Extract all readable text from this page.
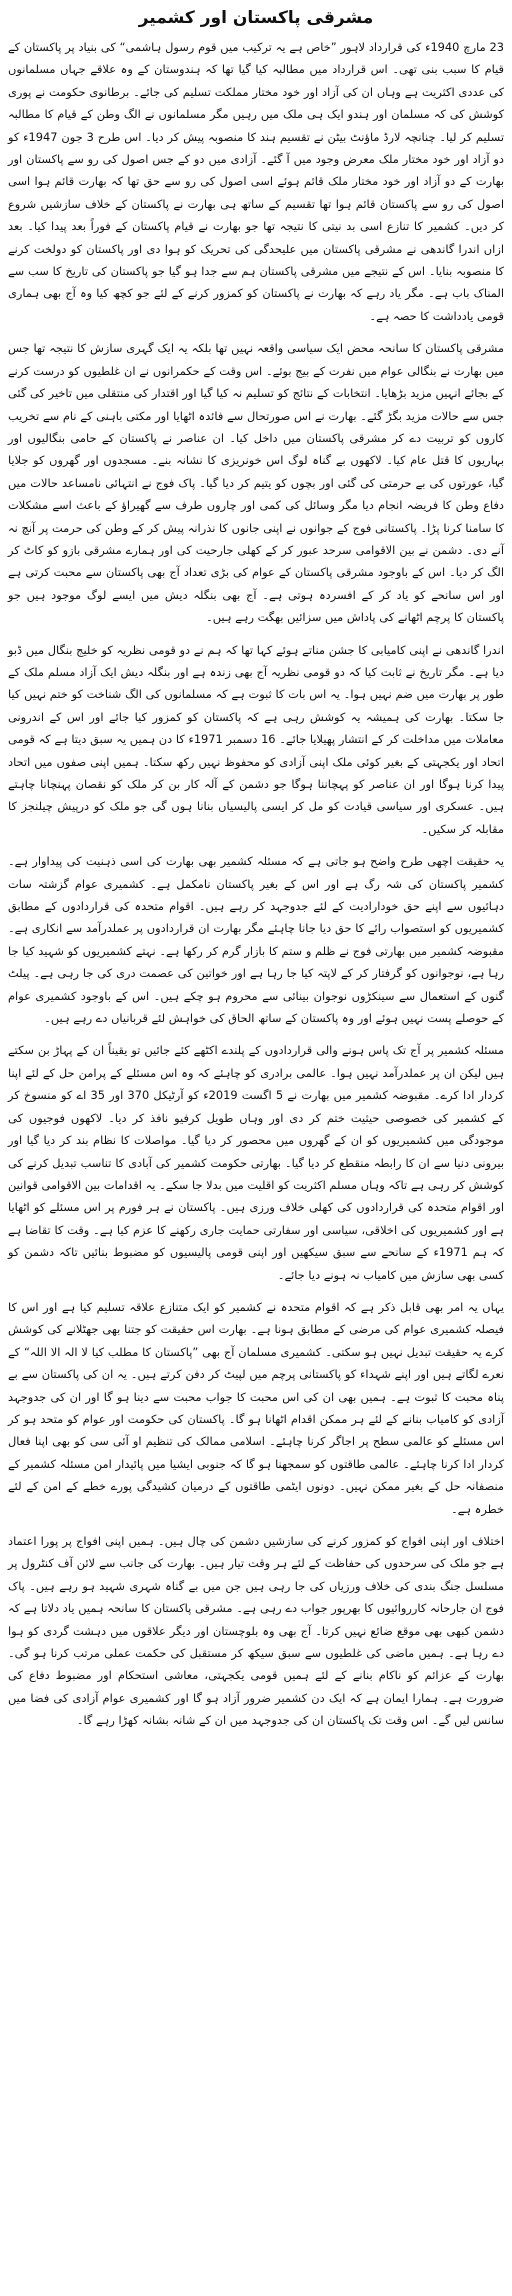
مشرقی پاکستان اور کشمیر

23 مارچ 1940ء کی قرارداد لاہور ”خاص ہے یہ ترکیب میں قوم رسول ہاشمی“ کی بنیاد پر پاکستان کے قیام کا سبب بنی تھی۔ اس قرارداد میں مطالبہ کیا گیا تھا کہ ہندوستان کے وہ علاقے جہاں مسلمانوں کی عددی اکثریت ہے وہاں ان کی آزاد اور خود مختار مملکت تسلیم کی جائے۔ برطانوی حکومت نے پوری کوشش کی کہ مسلمان اور ہندو ایک ہی ملک میں رہیں مگر مسلمانوں نے الگ وطن کے قیام کا مطالبہ تسلیم کر لیا۔ چنانچہ لارڈ ماؤنٹ بیٹن نے تقسیم ہند کا منصوبہ پیش کر دیا۔ اس طرح 3 جون 1947ء کو دو آزاد اور خود مختار ملک معرض وجود میں آ گئے۔ آزادی میں دو کے جس اصول کی رو سے پاکستان اور بھارت کے دو آزاد اور خود مختار ملک قائم ہوئے اسی اصول کی رو سے حق تھا کہ بھارت قائم ہوا اسی اصول کی رو سے پاکستان قائم ہوا تھا تقسیم کے ساتھ ہی بھارت نے پاکستان کے خلاف سازشیں شروع کر دیں۔ کشمیر کا تنازع اسی بد نیتی کا نتیجہ تھا جو بھارت نے قیام پاکستان کے فوراً بعد پیدا کیا۔ بعد ازاں اندرا گاندھی نے مشرقی پاکستان میں علیحدگی کی تحریک کو ہوا دی اور پاکستان کو دولخت کرنے کا منصوبہ بنایا۔ اس کے نتیجے میں مشرقی پاکستان ہم سے جدا ہو گیا جو پاکستان کی تاریخ کا سب سے المناک باب ہے۔ مگر یاد رہے کہ بھارت نے پاکستان کو کمزور کرنے کے لئے جو کچھ کیا وہ آج بھی ہماری قومی یادداشت کا حصہ ہے۔

مشرقی پاکستان کا سانحہ محض ایک سیاسی واقعہ نہیں تھا بلکہ یہ ایک گہری سازش کا نتیجہ تھا جس میں بھارت نے بنگالی عوام میں نفرت کے بیج بوئے۔ اس وقت کے حکمرانوں نے ان غلطیوں کو درست کرنے کے بجائے انہیں مزید بڑھایا۔ انتخابات کے نتائج کو تسلیم نہ کیا گیا اور اقتدار کی منتقلی میں تاخیر کی گئی جس سے حالات مزید بگڑ گئے۔ بھارت نے اس صورتحال سے فائدہ اٹھایا اور مکتی باہنی کے نام سے تخریب کاروں کو تربیت دے کر مشرقی پاکستان میں داخل کیا۔ ان عناصر نے پاکستان کے حامی بنگالیوں اور بہاریوں کا قتل عام کیا۔ لاکھوں بے گناہ لوگ اس خونریزی کا نشانہ بنے۔ مسجدوں اور گھروں کو جلایا گیا، عورتوں کی بے حرمتی کی گئی اور بچوں کو یتیم کر دیا گیا۔ پاک فوج نے انتہائی نامساعد حالات میں دفاع وطن کا فریضہ انجام دیا مگر وسائل کی کمی اور چاروں طرف سے گھیراؤ کے باعث اسے مشکلات کا سامنا کرنا پڑا۔ پاکستانی فوج کے جوانوں نے اپنی جانوں کا نذرانہ پیش کر کے وطن کی حرمت پر آنچ نہ آنے دی۔ دشمن نے بین الاقوامی سرحد عبور کر کے کھلی جارحیت کی اور ہمارے مشرقی بازو کو کاٹ کر الگ کر دیا۔ اس کے باوجود مشرقی پاکستان کے عوام کی بڑی تعداد آج بھی پاکستان سے محبت کرتی ہے اور اس سانحے کو یاد کر کے افسردہ ہوتی ہے۔ آج بھی بنگلہ دیش میں ایسے لوگ موجود ہیں جو پاکستان کا پرچم اٹھانے کی پاداش میں سزائیں بھگت رہے ہیں۔

اندرا گاندھی نے اپنی کامیابی کا جشن مناتے ہوئے کہا تھا کہ ہم نے دو قومی نظریہ کو خلیج بنگال میں ڈبو دیا ہے۔ مگر تاریخ نے ثابت کیا کہ دو قومی نظریہ آج بھی زندہ ہے اور بنگلہ دیش ایک آزاد مسلم ملک کے طور پر بھارت میں ضم نہیں ہوا۔ یہ اس بات کا ثبوت ہے کہ مسلمانوں کی الگ شناخت کو ختم نہیں کیا جا سکتا۔ بھارت کی ہمیشہ یہ کوشش رہی ہے کہ پاکستان کو کمزور کیا جائے اور اس کے اندرونی معاملات میں مداخلت کر کے انتشار پھیلایا جائے۔ 16 دسمبر 1971ء کا دن ہمیں یہ سبق دیتا ہے کہ قومی اتحاد اور یکجہتی کے بغیر کوئی ملک اپنی آزادی کو محفوظ نہیں رکھ سکتا۔ ہمیں اپنی صفوں میں اتحاد پیدا کرنا ہوگا اور ان عناصر کو پہچاننا ہوگا جو دشمن کے آلہ کار بن کر ملک کو نقصان پہنچانا چاہتے ہیں۔ عسکری اور سیاسی قیادت کو مل کر ایسی پالیسیاں بنانا ہوں گی جو ملک کو درپیش چیلنجز کا مقابلہ کر سکیں۔

یہ حقیقت اچھی طرح واضح ہو جاتی ہے کہ مسئلہ کشمیر بھی بھارت کی اسی ذہنیت کی پیداوار ہے۔ کشمیر پاکستان کی شہ رگ ہے اور اس کے بغیر پاکستان نامکمل ہے۔ کشمیری عوام گزشتہ سات دہائیوں سے اپنے حق خودارادیت کے لئے جدوجہد کر رہے ہیں۔ اقوام متحدہ کی قراردادوں کے مطابق کشمیریوں کو استصواب رائے کا حق دیا جانا چاہئے مگر بھارت ان قراردادوں پر عملدرآمد سے انکاری ہے۔ مقبوضہ کشمیر میں بھارتی فوج نے ظلم و ستم کا بازار گرم کر رکھا ہے۔ نہتے کشمیریوں کو شہید کیا جا رہا ہے، نوجوانوں کو گرفتار کر کے لاپتہ کیا جا رہا ہے اور خواتین کی عصمت دری کی جا رہی ہے۔ پیلٹ گنوں کے استعمال سے سینکڑوں نوجوان بینائی سے محروم ہو چکے ہیں۔ اس کے باوجود کشمیری عوام کے حوصلے پست نہیں ہوئے اور وہ پاکستان کے ساتھ الحاق کی خواہش لئے قربانیاں دے رہے ہیں۔

مسئلہ کشمیر پر آج تک پاس ہونے والی قراردادوں کے پلندے اکٹھے کئے جائیں تو یقیناً ان کے پہاڑ بن سکتے ہیں لیکن ان پر عملدرآمد نہیں ہوا۔ عالمی برادری کو چاہئے کہ وہ اس مسئلے کے پرامن حل کے لئے اپنا کردار ادا کرے۔ مقبوضہ کشمیر میں بھارت نے 5 اگست 2019ء کو آرٹیکل 370 اور 35 اے کو منسوخ کر کے کشمیر کی خصوصی حیثیت ختم کر دی اور وہاں طویل کرفیو نافذ کر دیا۔ لاکھوں فوجیوں کی موجودگی میں کشمیریوں کو ان کے گھروں میں محصور کر دیا گیا۔ مواصلات کا نظام بند کر دیا گیا اور بیرونی دنیا سے ان کا رابطہ منقطع کر دیا گیا۔ بھارتی حکومت کشمیر کی آبادی کا تناسب تبدیل کرنے کی کوشش کر رہی ہے تاکہ وہاں مسلم اکثریت کو اقلیت میں بدلا جا سکے۔ یہ اقدامات بین الاقوامی قوانین اور اقوام متحدہ کی قراردادوں کی کھلی خلاف ورزی ہیں۔ پاکستان نے ہر فورم پر اس مسئلے کو اٹھایا ہے اور کشمیریوں کی اخلاقی، سیاسی اور سفارتی حمایت جاری رکھنے کا عزم کیا ہے۔ وقت کا تقاضا ہے کہ ہم 1971ء کے سانحے سے سبق سیکھیں اور اپنی قومی پالیسیوں کو مضبوط بنائیں تاکہ دشمن کو کسی بھی سازش میں کامیاب نہ ہونے دیا جائے۔

یہاں یہ امر بھی قابل ذکر ہے کہ اقوام متحدہ نے کشمیر کو ایک متنازع علاقہ تسلیم کیا ہے اور اس کا فیصلہ کشمیری عوام کی مرضی کے مطابق ہونا ہے۔ بھارت اس حقیقت کو جتنا بھی جھٹلانے کی کوشش کرے یہ حقیقت تبدیل نہیں ہو سکتی۔ کشمیری مسلمان آج بھی ”پاکستان کا مطلب کیا لا الہ الا اللہ“ کے نعرے لگاتے ہیں اور اپنے شہداء کو پاکستانی پرچم میں لپیٹ کر دفن کرتے ہیں۔ یہ ان کی پاکستان سے بے پناہ محبت کا ثبوت ہے۔ ہمیں بھی ان کی اس محبت کا جواب محبت سے دینا ہو گا اور ان کی جدوجہد آزادی کو کامیاب بنانے کے لئے ہر ممکن اقدام اٹھانا ہو گا۔ پاکستان کی حکومت اور عوام کو متحد ہو کر اس مسئلے کو عالمی سطح پر اجاگر کرنا چاہئے۔ اسلامی ممالک کی تنظیم او آئی سی کو بھی اپنا فعال کردار ادا کرنا چاہئے۔ عالمی طاقتوں کو سمجھنا ہو گا کہ جنوبی ایشیا میں پائیدار امن مسئلہ کشمیر کے منصفانہ حل کے بغیر ممکن نہیں۔ دونوں ایٹمی طاقتوں کے درمیان کشیدگی پورے خطے کے امن کے لئے خطرہ ہے۔

اختلاف اور اپنی افواج کو کمزور کرنے کی سازشیں دشمن کی چال ہیں۔ ہمیں اپنی افواج پر پورا اعتماد ہے جو ملک کی سرحدوں کی حفاظت کے لئے ہر وقت تیار ہیں۔ بھارت کی جانب سے لائن آف کنٹرول پر مسلسل جنگ بندی کی خلاف ورزیاں کی جا رہی ہیں جن میں بے گناہ شہری شہید ہو رہے ہیں۔ پاک فوج ان جارحانہ کارروائیوں کا بھرپور جواب دے رہی ہے۔ مشرقی پاکستان کا سانحہ ہمیں یاد دلاتا ہے کہ دشمن کبھی بھی موقع ضائع نہیں کرتا۔ آج بھی وہ بلوچستان اور دیگر علاقوں میں دہشت گردی کو ہوا دے رہا ہے۔ ہمیں ماضی کی غلطیوں سے سبق سیکھ کر مستقبل کی حکمت عملی مرتب کرنا ہو گی۔ بھارت کے عزائم کو ناکام بنانے کے لئے ہمیں قومی یکجہتی، معاشی استحکام اور مضبوط دفاع کی ضرورت ہے۔ ہمارا ایمان ہے کہ ایک دن کشمیر ضرور آزاد ہو گا اور کشمیری عوام آزادی کی فضا میں سانس لیں گے۔ اس وقت تک پاکستان ان کی جدوجہد میں ان کے شانہ بشانہ کھڑا رہے گا۔
